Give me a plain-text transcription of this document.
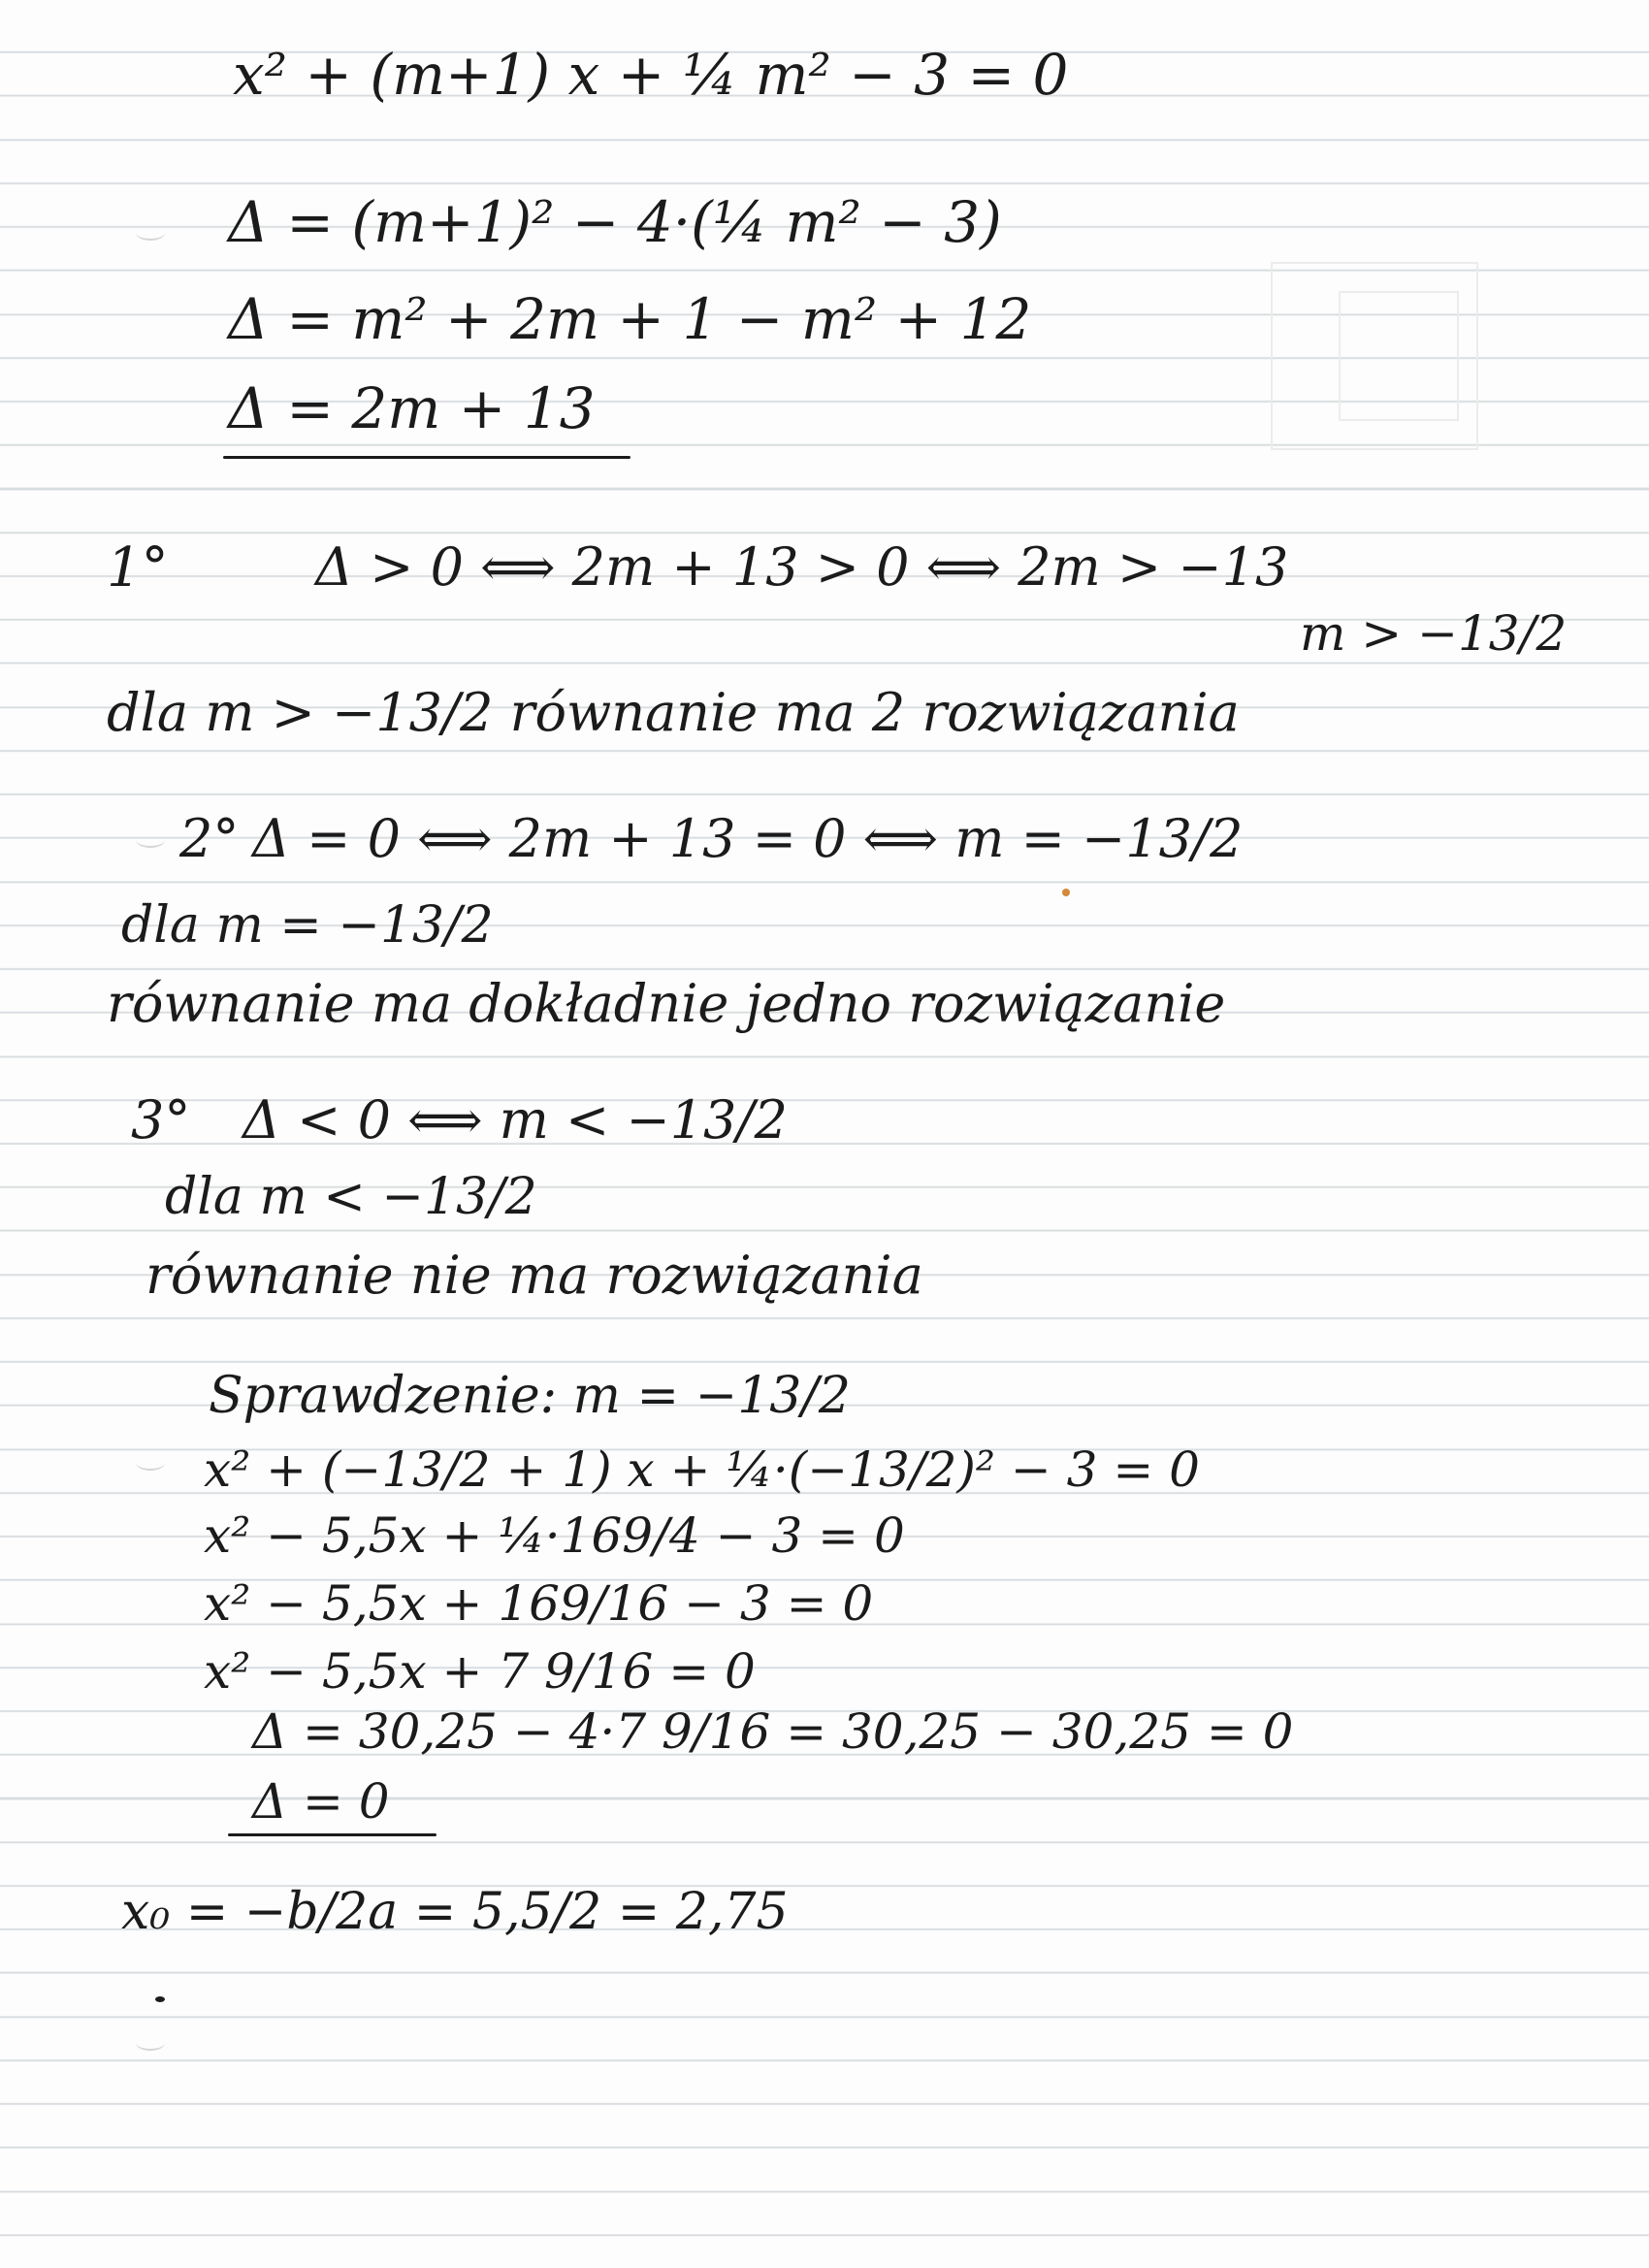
x² + (m+1) x + ¼ m² − 3 = 0
Δ = (m+1)² − 4·(¼ m² − 3)
Δ = m² + 2m + 1 − m² + 12
Δ = 2m + 13
1°	Δ > 0 ⟺ 2m + 13 > 0 ⟺ 2m > −13
m > −13/2
dla m > −13/2 równanie ma 2 rozwiązania
2° Δ = 0 ⟺ 2m + 13 = 0 ⟺ m = −13/2
dla m = −13/2
równanie ma dokładnie jedno rozwiązanie
3° Δ < 0 ⟺ m < −13/2
dla m < −13/2
równanie nie ma rozwiązania
Sprawdzenie: m = −13/2
x² + (−13/2 + 1) x + ¼·(−13/2)² − 3 = 0
x² − 5,5x + ¼·169/4 − 3 = 0
x² − 5,5x + 169/16 − 3 = 0
x² − 5,5x + 7 9/16 = 0
Δ = 30,25 − 4·7 9/16 = 30,25 − 30,25 = 0
Δ = 0
x₀ = −b/2a = 5,5/2 = 2,75
